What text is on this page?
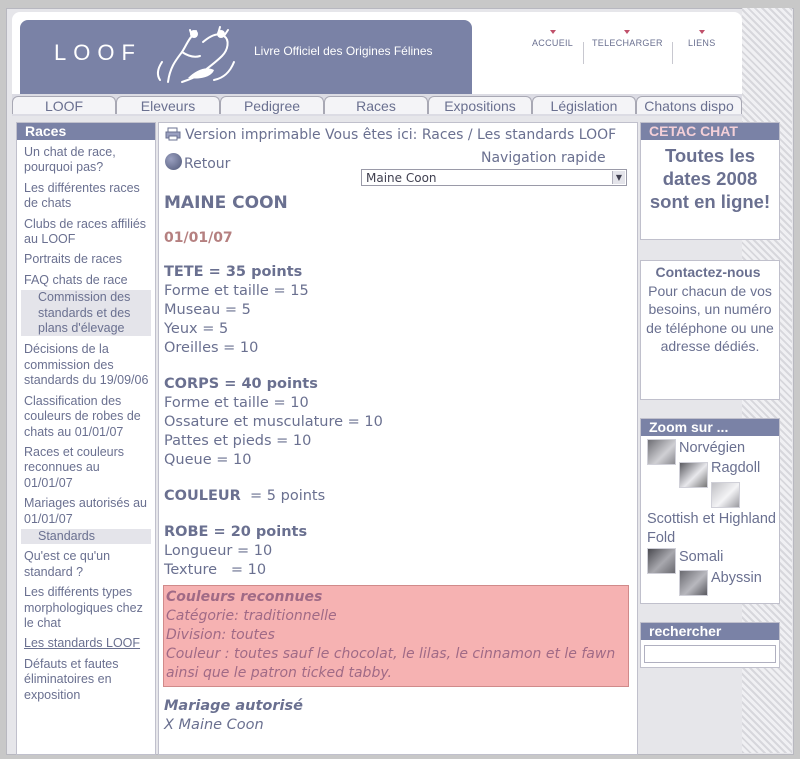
LOOF	Livre Officiel des Origines Félines
ACCUEIL TELECHARGER	LIENS
LOOF	Eleveurs	Pedigree	Races	Expositions	Législation	Chatons dispo
Races
Un chat de race, pourquoi pas?
Les différentes races de chats
Clubs de races affiliés au LOOF
Portraits de races
FAQ chats de race
Commission des standards et des plans d'élevage
Décisions de la commission des standards du 19/09/06
Classification des couleurs de robes de chats au 01/01/07
Races et couleurs reconnues au 01/01/07
Mariages autorisés au 01/01/07
Standards
Qu'est ce qu'un standard ?
Les différents types morphologiques chez le chat
Les standards LOOF
Défauts et fautes éliminatoires en exposition
Version imprimable Vous êtes ici: Races / Les standards LOOF
Retour	Navigation rapide
Maine Coon	▼
MAINE COON
01/01/07
TETE = 35 points
Forme et taille = 15
Museau = 5
Yeux = 5
Oreilles = 10
CORPS = 40 points
Forme et taille = 10
Ossature et musculature = 10
Pattes et pieds = 10
Queue = 10
COULEUR  = 5 points
ROBE = 20 points
Longueur = 10
Texture   = 10
Couleurs reconnues
Catégorie: traditionnelle
Division: toutes
Couleur : toutes sauf le chocolat, le lilas, le cinnamon et le fawn ainsi que le patron ticked tabby.
Mariage autorisé
X Maine Coon
CETAC CHAT
Toutes les dates 2008 sont en ligne!
Contactez-nous
Pour chacun de vos besoins, un numéro de téléphone ou une adresse dédiés.
Zoom sur ...
Norvégien
Ragdoll
Scottish et Highland Fold
Somali
Abyssin
rechercher
